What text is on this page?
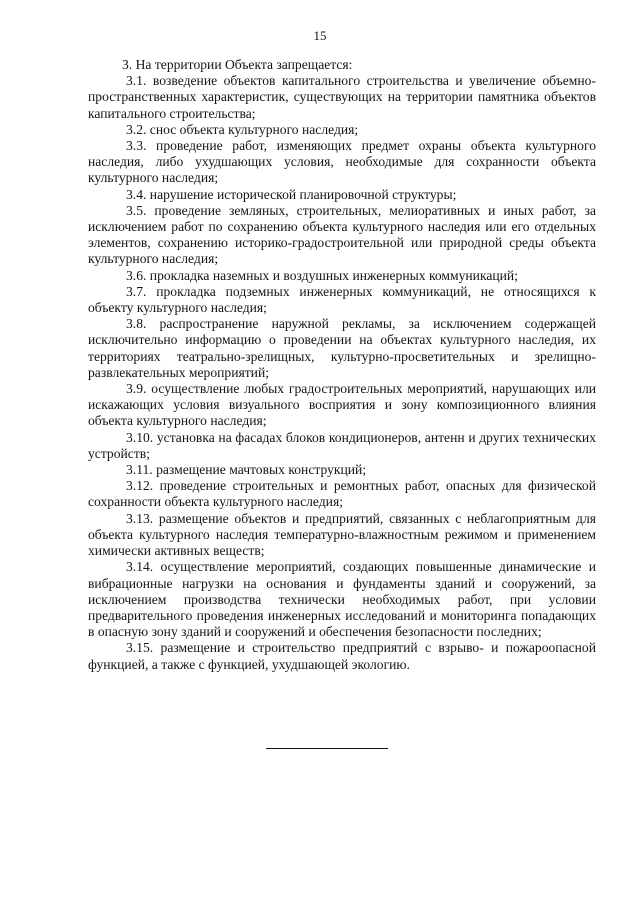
15

3. На территории Объекта запрещается:

3.1. возведение объектов капитального строительства и увеличение объемно-пространственных характеристик, существующих на территории памятника объектов капитального строительства;

3.2. снос объекта культурного наследия;

3.3. проведение работ, изменяющих предмет охраны объекта культурного наследия, либо ухудшающих условия, необходимые для сохранности объекта культурного наследия;

3.4. нарушение исторической планировочной структуры;

3.5. проведение земляных, строительных, мелиоративных и иных работ, за исключением работ по сохранению объекта культурного наследия или его отдельных элементов, сохранению историко-градостроительной или природной среды объекта культурного наследия;

3.6. прокладка наземных и воздушных инженерных коммуникаций;

3.7. прокладка подземных инженерных коммуникаций, не относящихся к объекту культурного наследия;

3.8. распространение наружной рекламы, за исключением содержащей исключительно информацию о проведении на объектах культурного наследия, их территориях театрально-зрелищных, культурно-просветительных и зрелищно-развлекательных мероприятий;

3.9. осуществление любых градостроительных мероприятий, нарушающих или искажающих условия визуального восприятия и зону композиционного влияния объекта культурного наследия;

3.10. установка на фасадах блоков кондиционеров, антенн и других технических устройств;

3.11. размещение мачтовых конструкций;

3.12. проведение строительных и ремонтных работ, опасных для физической сохранности объекта культурного наследия;

3.13. размещение объектов и предприятий, связанных с неблагоприятным для объекта культурного наследия температурно-влажностным режимом и применением химически активных веществ;

3.14. осуществление мероприятий, создающих повышенные динамические и вибрационные нагрузки на основания и фундаменты зданий и сооружений, за исключением производства технически необходимых работ, при условии предварительного проведения инженерных исследований и мониторинга попадающих в опасную зону зданий и сооружений и обеспечения безопасности последних;

3.15. размещение и строительство предприятий с взрыво- и пожароопасной функцией, а также с функцией, ухудшающей экологию.
